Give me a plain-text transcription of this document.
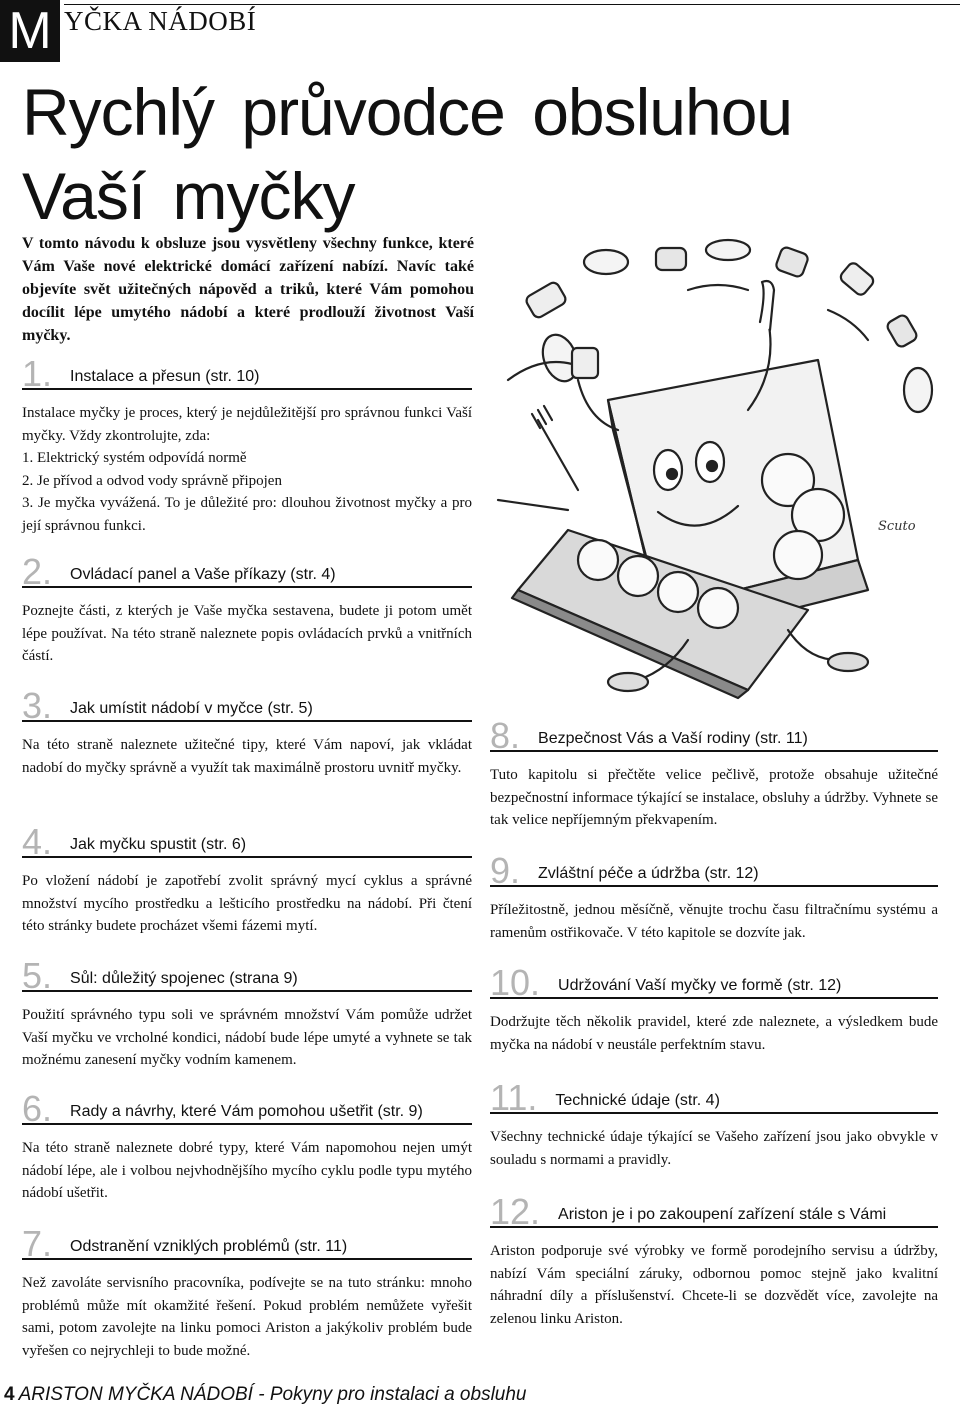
M YČKA NÁDOBÍ
Rychlý průvodce obsluhou Vaší myčky
V tomto návodu k obsluze jsou vysvětleny všechny funkce, které Vám Vaše nové elektrické domácí zařízení nabízí. Navíc také objevíte svět užitečných nápověd a triků, které Vám pomohou docílit lépe umytého nádobí a které prodlouží životnost Vaší myčky.
1. Instalace a přesun (str. 10)
Instalace myčky je proces, který je nejdůležitější pro správnou funkci Vaší myčky. Vždy zkontrolujte, zda:
1. Elektrický systém odpovídá normě
2. Je přívod a odvod vody správně připojen
3. Je myčka vyvážená. To je důležité pro: dlouhou životnost myčky a pro její správnou funkci.
2. Ovládací panel a Vaše příkazy (str. 4)
Poznejte části, z kterých je Vaše myčka sestavena, budete ji potom umět lépe používat. Na této straně naleznete popis ovládacích prvků a vnitřních částí.
3. Jak umístit nádobí v myčce (str. 5)
Na této straně naleznete užitečné tipy, které Vám napoví, jak vkládat nadobí do myčky správně a využít tak maximálně prostoru uvnitř myčky.
4. Jak myčku spustit (str. 6)
Po vložení nádobí je zapotřebí zvolit správný mycí cyklus a správné množství mycího prostředku a lešticího prostředku na nádobí. Při čtení této stránky budete procházet všemi fázemi mytí.
5. Sůl: důležitý spojenec (strana 9)
Použití správného typu soli ve správném množství Vám pomůže udržet Vaší myčku ve vrcholné kondici, nádobí bude lépe umyté a vyhnete se tak možnému zanesení myčky vodním kamenem.
6. Rady a návrhy, které Vám pomohou ušetřit (str. 9)
Na této straně naleznete dobré typy, které Vám napomohou nejen umýt nádobí lépe, ale i volbou nejvhodnějšího mycího cyklu podle typu mytého nádobí ušetřit.
7. Odstranění vzniklých problémů (str. 11)
Než zavoláte servisního pracovníka, podívejte se na tuto stránku: mnoho problémů může mít okamžité řešení. Pokud problém nemůžete vyřešit sami, potom zavolejte na linku pomoci Ariston a jakýkoliv problém bude vyřešen co nejrychleji to bude možné.
8. Bezpečnost Vás a Vaší rodiny (str. 11)
Tuto kapitolu si přečtěte velice pečlivě, protože obsahuje užitečné bezpečnostní informace týkající se instalace, obsluhy a údržby. Vyhnete se tak velice nepříjemným překvapením.
9. Zvláštní péče a údržba (str. 12)
Příležitostně, jednou měsíčně, věnujte trochu času filtračnímu systému a ramenům ostřikovače. V této kapitole se dozvíte jak.
10. Udržování Vaší myčky ve formě (str. 12)
Dodržujte těch několik pravidel, které zde naleznete, a výsledkem bude myčka na nádobí v neustále perfektním stavu.
11. Technické údaje (str. 4)
Všechny technické údaje týkající se Vašeho zařízení jsou jako obvykle v souladu s normami a pravidly.
12. Ariston je i po zakoupení zařízení stále s Vámi
Ariston podporuje své výrobky ve formě porodejního servisu a údržby, nabízí Vám speciální záruky, odbornou pomoc stejně jako kvalitní náhradní díly a příslušenství. Chcete-li se dozvědět více, zavolejte na zelenou linku Ariston.
Scuto
4 ARISTON MYČKA NÁDOBÍ - Pokyny pro instalaci a obsluhu
